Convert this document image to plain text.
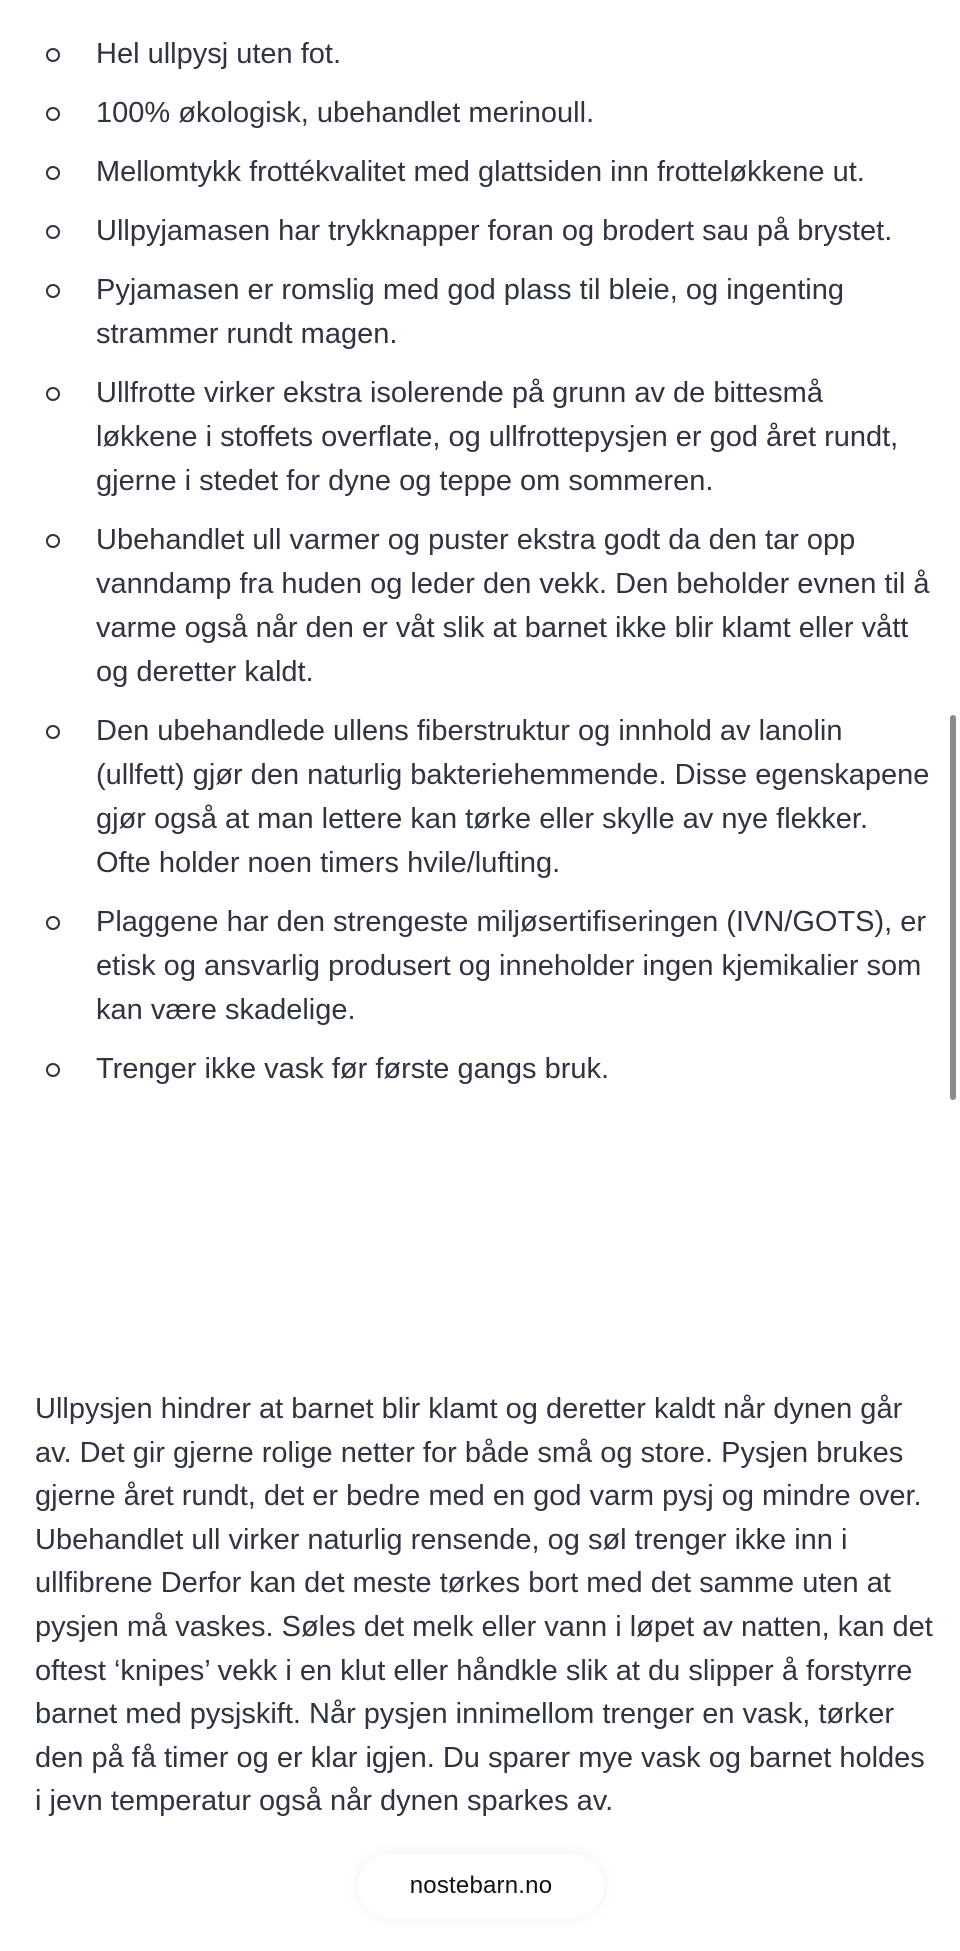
Hel ullpysj uten fot.
100% økologisk, ubehandlet merinoull.
Mellomtykk frottékvalitet med glattsiden inn frotteløkkene ut.
Ullpyjamasen har trykknapper foran og brodert sau på brystet.
Pyjamasen er romslig med god plass til bleie, og ingenting strammer rundt magen.
Ullfrotte virker ekstra isolerende på grunn av de bittesmå løkkene i stoffets overflate, og ullfrottepysjen er god året rundt, gjerne i stedet for dyne og teppe om sommeren.
Ubehandlet ull varmer og puster ekstra godt da den tar opp vanndamp fra huden og leder den vekk. Den beholder evnen til å varme også når den er våt slik at barnet ikke blir klamt eller vått og deretter kaldt.
Den ubehandlede ullens fiberstruktur og innhold av lanolin (ullfett) gjør den naturlig bakteriehemmende. Disse egenskapene gjør også at man lettere kan tørke eller skylle av nye flekker. Ofte holder noen timers hvile/lufting.
Plaggene har den strengeste miljøsertifiseringen (IVN/GOTS), er etisk og ansvarlig produsert og inneholder ingen kjemikalier som kan være skadelige.
Trenger ikke vask før første gangs bruk.

Ullpysjen hindrer at barnet blir klamt og deretter kaldt når dynen går av. Det gir gjerne rolige netter for både små og store. Pysjen brukes gjerne året rundt, det er bedre med en god varm pysj og mindre over. Ubehandlet ull virker naturlig rensende, og søl trenger ikke inn i ullfibrene Derfor kan det meste tørkes bort med det samme uten at pysjen må vaskes. Søles det melk eller vann i løpet av natten, kan det oftest ‘knipes’ vekk i en klut eller håndkle slik at du slipper å forstyrre barnet med pysjskift. Når pysjen innimellom trenger en vask, tørker den på få timer og er klar igjen. Du sparer mye vask og barnet holdes i jevn temperatur også når dynen sparkes av.

nostebarn.no
